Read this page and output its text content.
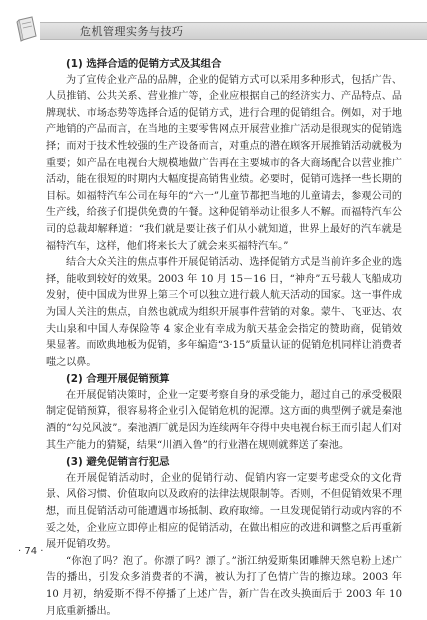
危机管理实务与技巧

(1) 选择合适的促销方式及其组合

为了宣传企业产品的品牌，企业的促销方式可以采用多种形式，包括广告、人员推销、公共关系、营业推广等，企业应根据自己的经济实力、产品特点、品牌现状、市场态势等选择合适的促销方式，进行合理的促销组合。例如，对于地产地销的产品而言，在当地的主要零售网点开展营业推广活动是很现实的促销选择；而对于技术性较强的生产设备而言，对重点的潜在顾客开展推销活动就极为重要；如产品在电视台大规模地做广告再在主要城市的各大商场配合以营业推广活动，能在很短的时期内大幅度提高销售业绩。必要时，促销可选择一些长期的目标。如福特汽车公司在每年的“六一”儿童节都把当地的儿童请去，参观公司的生产线，给孩子们提供免费的午餐。这种促销举动让很多人不解。而福特汽车公司的总裁却解释道：“我们就是要让孩子们从小就知道，世界上最好的汽车就是福特汽车，这样，他们将来长大了就会来买福特汽车。”

结合大众关注的焦点事件开展促销活动、选择促销方式是当前许多企业的选择，能收到较好的效果。2003 年 10 月 15－16 日，“神舟”五号载人飞船成功发射，使中国成为世界上第三个可以独立进行载人航天活动的国家。这一事件成为国人关注的焦点，自然也就成为组织开展事件营销的对象。蒙牛、飞亚达、农夫山泉和中国人寿保险等 4 家企业有幸成为航天基金会指定的赞助商，促销效果显著。而欧典地板为促销，多年编造“3·15”质量认证的促销危机同样让消费者嗤之以鼻。

(2) 合理开展促销预算

在开展促销决策时，企业一定要考察自身的承受能力，超过自己的承受极限制定促销预算，很容易将企业引入促销危机的泥潭。这方面的典型例子就是秦池酒的“勾兑风波”。秦池酒厂就是因为连续两年夺得中央电视台标王而引起人们对其生产能力的猜疑，结果“川酒入鲁”的行业潜在规则就葬送了秦池。

(3) 避免促销言行犯忌

在开展促销活动时，企业的促销行动、促销内容一定要考虑受众的文化背景、风俗习惯、价值取向以及政府的法律法规限制等。否则，不但促销效果不理想，而且促销活动可能遭遇市场抵制、政府取缔。一旦发现促销行动或内容的不妥之处，企业应立即停止相应的促销活动，在做出相应的改进和调整之后再重新展开促销攻势。

“你泡了吗？泡了。你漂了吗？漂了。”浙江纳爱斯集团雕牌天然皂粉上述广告的播出，引发众多消费者的不满，被认为打了色情广告的擦边球。2003 年 10 月初，纳爱斯不得不停播了上述广告，新广告在改头换面后于 2003 年 10 月底重新播出。

· 74 ·
